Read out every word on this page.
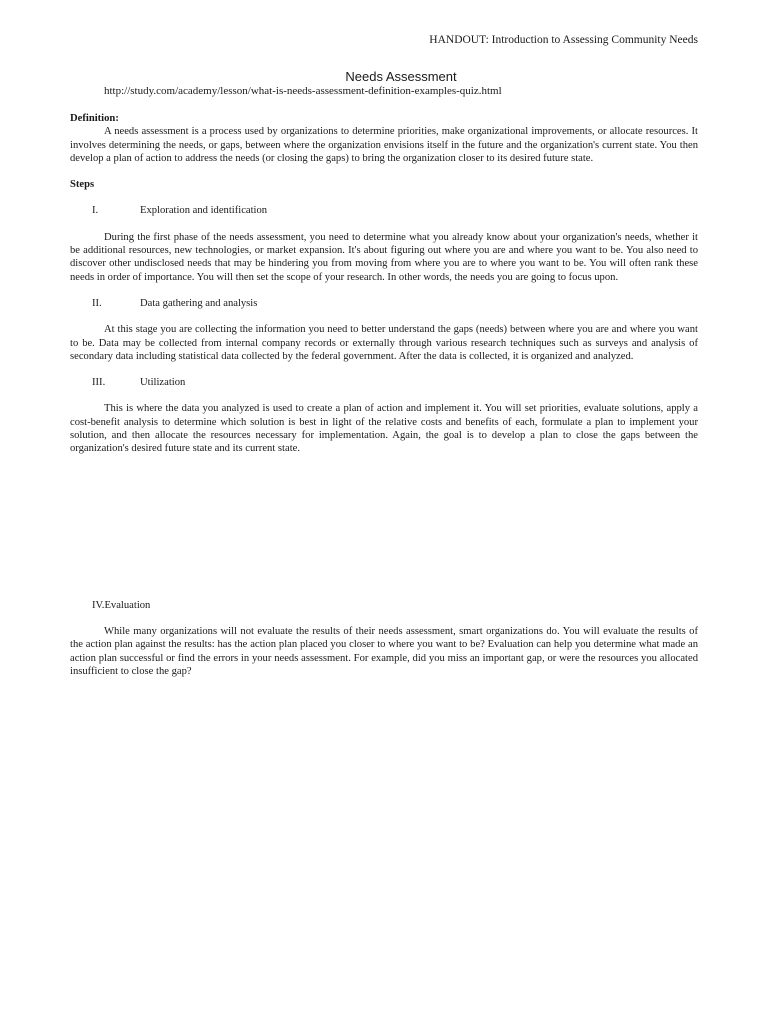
HANDOUT: Introduction to Assessing Community Needs
Needs Assessment
http://study.com/academy/lesson/what-is-needs-assessment-definition-examples-quiz.html

Definition:

A needs assessment is a process used by organizations to determine priorities, make organizational improvements, or allocate resources. It involves determining the needs, or gaps, between where the organization envisions itself in the future and the organization's current state. You then develop a plan of action to address the needs (or closing the gaps) to bring the organization closer to its desired future state.

Steps

I.	Exploration and identification

During the first phase of the needs assessment, you need to determine what you already know about your organization's needs, whether it be additional resources, new technologies, or market expansion. It's about figuring out where you are and where you want to be. You also need to discover other undisclosed needs that may be hindering you from moving from where you are to where you want to be. You will often rank these needs in order of importance. You will then set the scope of your research. In other words, the needs you are going to focus upon.

II.	Data gathering and analysis

At this stage you are collecting the information you need to better understand the gaps (needs) between where you are and where you want to be. Data may be collected from internal company records or externally through various research techniques such as surveys and analysis of secondary data including statistical data collected by the federal government. After the data is collected, it is organized and analyzed.

III.	Utilization

This is where the data you analyzed is used to create a plan of action and implement it. You will set priorities, evaluate solutions, apply a cost-benefit analysis to determine which solution is best in light of the relative costs and benefits of each, formulate a plan to implement your solution, and then allocate the resources necessary for implementation. Again, the goal is to develop a plan to close the gaps between the organization's desired future state and its current state.

IV.Evaluation

While many organizations will not evaluate the results of their needs assessment, smart organizations do. You will evaluate the results of the action plan against the results: has the action plan placed you closer to where you want to be? Evaluation can help you determine what made an action plan successful or find the errors in your needs assessment. For example, did you miss an important gap, or were the resources you allocated insufficient to close the gap?
